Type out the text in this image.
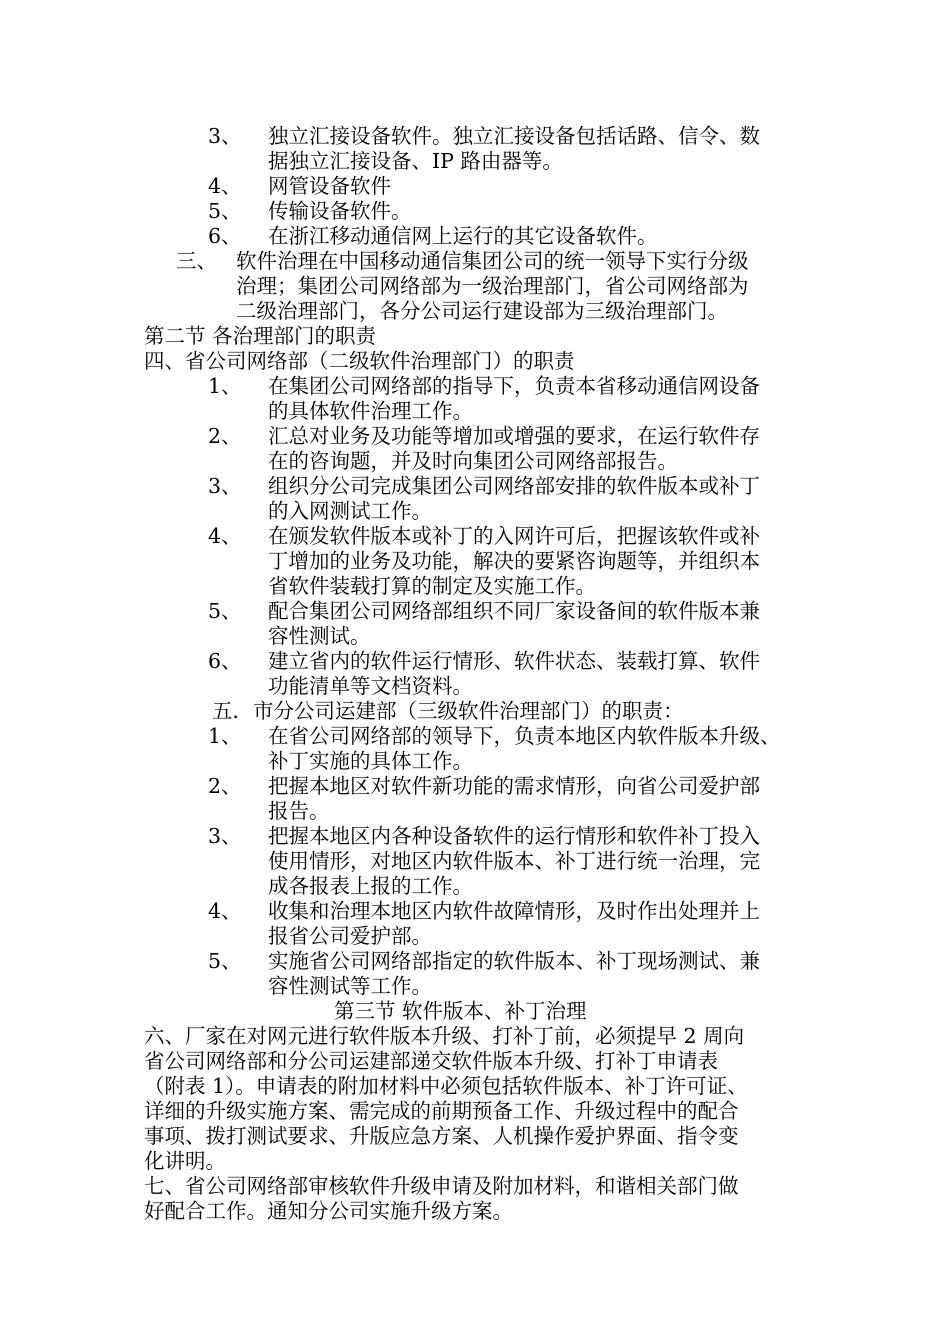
3、 独立汇接设备软件。独立汇接设备包括话路、信令、数
据独立汇接设备、IP 路由器等。
4、 网管设备软件
5、 传输设备软件。
6、 在浙江移动通信网上运行的其它设备软件。
三、 软件治理在中国移动通信集团公司的统一领导下实行分级
治理；集团公司网络部为一级治理部门，省公司网络部为
二级治理部门，各分公司运行建设部为三级治理部门。
第二节 各治理部门的职责
四、省公司网络部（二级软件治理部门）的职责
1、 在集团公司网络部的指导下，负责本省移动通信网设备
的具体软件治理工作。
2、 汇总对业务及功能等增加或增强的要求，在运行软件存
在的咨询题，并及时向集团公司网络部报告。
3、 组织分公司完成集团公司网络部安排的软件版本或补丁
的入网测试工作。
4、 在颁发软件版本或补丁的入网许可后，把握该软件或补
丁增加的业务及功能，解决的要紧咨询题等，并组织本
省软件装载打算的制定及实施工作。
5、 配合集团公司网络部组织不同厂家设备间的软件版本兼
容性测试。
6、 建立省内的软件运行情形、软件状态、装载打算、软件
功能清单等文档资料。
五．市分公司运建部（三级软件治理部门）的职责：
1、 在省公司网络部的领导下，负责本地区内软件版本升级、
补丁实施的具体工作。
2、 把握本地区对软件新功能的需求情形，向省公司爱护部
报告。
3、 把握本地区内各种设备软件的运行情形和软件补丁投入
使用情形，对地区内软件版本、补丁进行统一治理，完
成各报表上报的工作。
4、 收集和治理本地区内软件故障情形，及时作出处理并上
报省公司爱护部。
5、 实施省公司网络部指定的软件版本、补丁现场测试、兼
容性测试等工作。
第三节 软件版本、补丁治理
六、厂家在对网元进行软件版本升级、打补丁前，必须提早 2 周向
省公司网络部和分公司运建部递交软件版本升级、打补丁申请表
（附表 1）。申请表的附加材料中必须包括软件版本、补丁许可证、
详细的升级实施方案、需完成的前期预备工作、升级过程中的配合
事项、拨打测试要求、升版应急方案、人机操作爱护界面、指令变
化讲明。
七、省公司网络部审核软件升级申请及附加材料，和谐相关部门做
好配合工作。通知分公司实施升级方案。
